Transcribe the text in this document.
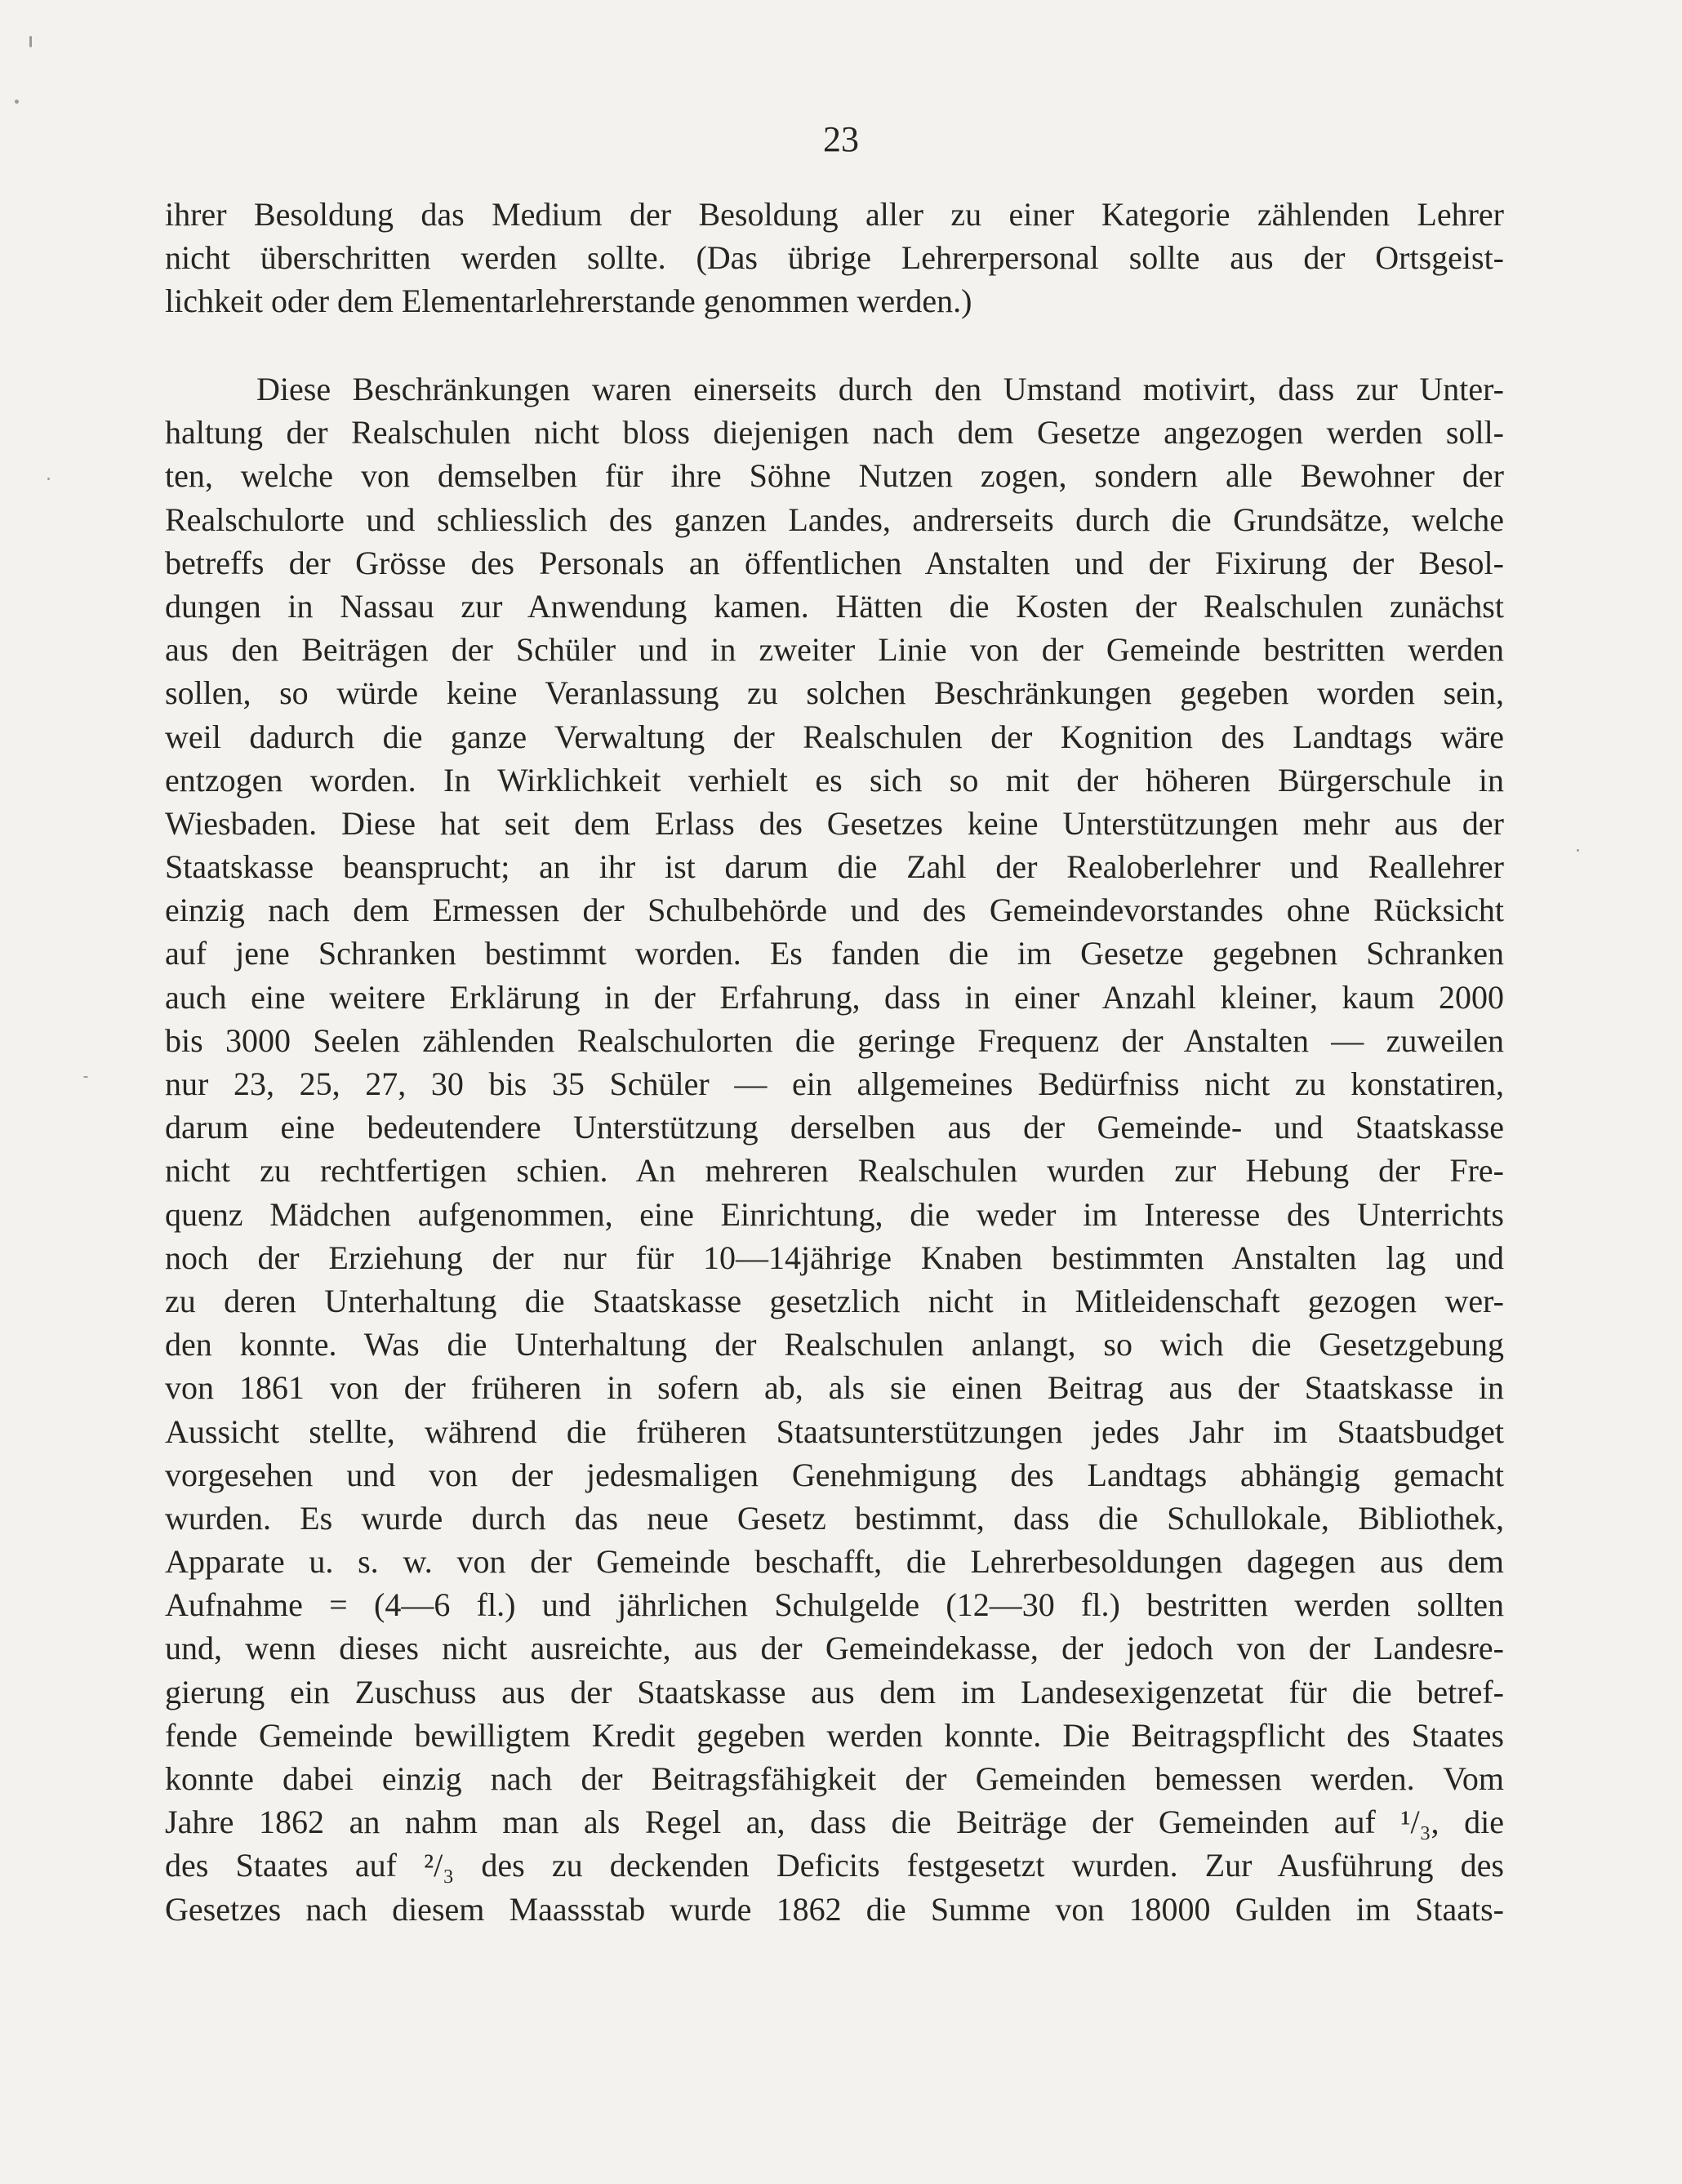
23
ihrer Besoldung das Medium der Besoldung aller zu einer Kategorie zählenden Lehrer
nicht überschritten werden sollte. (Das übrige Lehrerpersonal sollte aus der Ortsgeist-
lichkeit oder dem Elementarlehrerstande genommen werden.)
Diese Beschränkungen waren einerseits durch den Umstand motivirt, dass zur Unter-
haltung der Realschulen nicht bloss diejenigen nach dem Gesetze angezogen werden soll-
ten, welche von demselben für ihre Söhne Nutzen zogen, sondern alle Bewohner der
Realschulorte und schliesslich des ganzen Landes, andrerseits durch die Grundsätze, welche
betreffs der Grösse des Personals an öffentlichen Anstalten und der Fixirung der Besol-
dungen in Nassau zur Anwendung kamen. Hätten die Kosten der Realschulen zunächst
aus den Beiträgen der Schüler und in zweiter Linie von der Gemeinde bestritten werden
sollen, so würde keine Veranlassung zu solchen Beschränkungen gegeben worden sein,
weil dadurch die ganze Verwaltung der Realschulen der Kognition des Landtags wäre
entzogen worden. In Wirklichkeit verhielt es sich so mit der höheren Bürgerschule in
Wiesbaden. Diese hat seit dem Erlass des Gesetzes keine Unterstützungen mehr aus der
Staatskasse beansprucht; an ihr ist darum die Zahl der Realoberlehrer und Reallehrer
einzig nach dem Ermessen der Schulbehörde und des Gemeindevorstandes ohne Rücksicht
auf jene Schranken bestimmt worden. Es fanden die im Gesetze gegebnen Schranken
auch eine weitere Erklärung in der Erfahrung, dass in einer Anzahl kleiner, kaum 2000
bis 3000 Seelen zählenden Realschulorten die geringe Frequenz der Anstalten — zuweilen
nur 23, 25, 27, 30 bis 35 Schüler — ein allgemeines Bedürfniss nicht zu konstatiren,
darum eine bedeutendere Unterstützung derselben aus der Gemeinde- und Staatskasse
nicht zu rechtfertigen schien. An mehreren Realschulen wurden zur Hebung der Fre-
quenz Mädchen aufgenommen, eine Einrichtung, die weder im Interesse des Unterrichts
noch der Erziehung der nur für 10—14jährige Knaben bestimmten Anstalten lag und
zu deren Unterhaltung die Staatskasse gesetzlich nicht in Mitleidenschaft gezogen wer-
den konnte. Was die Unterhaltung der Realschulen anlangt, so wich die Gesetzgebung
von 1861 von der früheren in sofern ab, als sie einen Beitrag aus der Staatskasse in
Aussicht stellte, während die früheren Staatsunterstützungen jedes Jahr im Staatsbudget
vorgesehen und von der jedesmaligen Genehmigung des Landtags abhängig gemacht
wurden. Es wurde durch das neue Gesetz bestimmt, dass die Schullokale, Bibliothek,
Apparate u. s. w. von der Gemeinde beschafft, die Lehrerbesoldungen dagegen aus dem
Aufnahme = (4—6 fl.) und jährlichen Schulgelde (12—30 fl.) bestritten werden sollten
und, wenn dieses nicht ausreichte, aus der Gemeindekasse, der jedoch von der Landesre-
gierung ein Zuschuss aus der Staatskasse aus dem im Landesexigenzetat für die betref-
fende Gemeinde bewilligtem Kredit gegeben werden konnte. Die Beitragspflicht des Staates
konnte dabei einzig nach der Beitragsfähigkeit der Gemeinden bemessen werden. Vom
Jahre 1862 an nahm man als Regel an, dass die Beiträge der Gemeinden auf ¹/₃, die
des Staates auf ²/₃ des zu deckenden Deficits festgesetzt wurden. Zur Ausführung des
Gesetzes nach diesem Maassstab wurde 1862 die Summe von 18000 Gulden im Staats-
